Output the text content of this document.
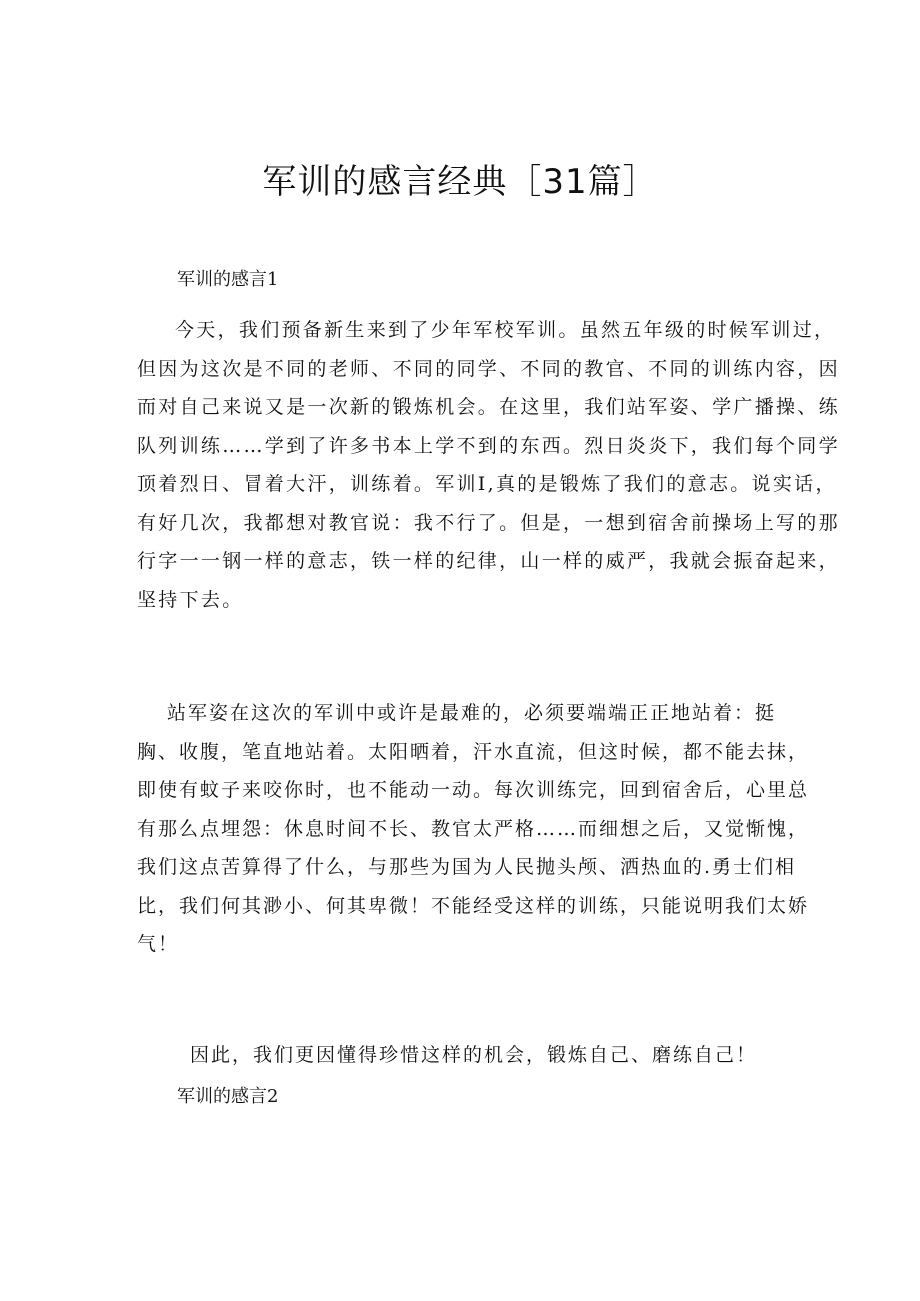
军训的感言经典［31篇］
军训的感言1
今天，我们预备新生来到了少年军校军训。虽然五年级的时候军训过，
但因为这次是不同的老师、不同的同学、不同的教官、不同的训练内容，因
而对自己来说又是一次新的锻炼机会。在这里，我们站军姿、学广播操、练
队列训练……学到了许多书本上学不到的东西。烈日炎炎下，我们每个同学
顶着烈日、冒着大汗，训练着。军训I,真的是锻炼了我们的意志。说实话，
有好几次，我都想对教官说：我不行了。但是，一想到宿舍前操场上写的那
行字一一钢一样的意志，铁一样的纪律，山一样的威严，我就会振奋起来，
坚持下去。
站军姿在这次的军训中或许是最难的，必须要端端正正地站着：挺
胸、收腹，笔直地站着。太阳晒着，汗水直流，但这时候，都不能去抹，
即使有蚊子来咬你时，也不能动一动。每次训练完，回到宿舍后，心里总
有那么点埋怨：休息时间不长、教官太严格……而细想之后，又觉惭愧，
我们这点苦算得了什么，与那些为国为人民抛头颅、洒热血的.勇士们相
比，我们何其渺小、何其卑微！不能经受这样的训练，只能说明我们太娇
气！
因此，我们更因懂得珍惜这样的机会，锻炼自己、磨练自己！
军训的感言2
